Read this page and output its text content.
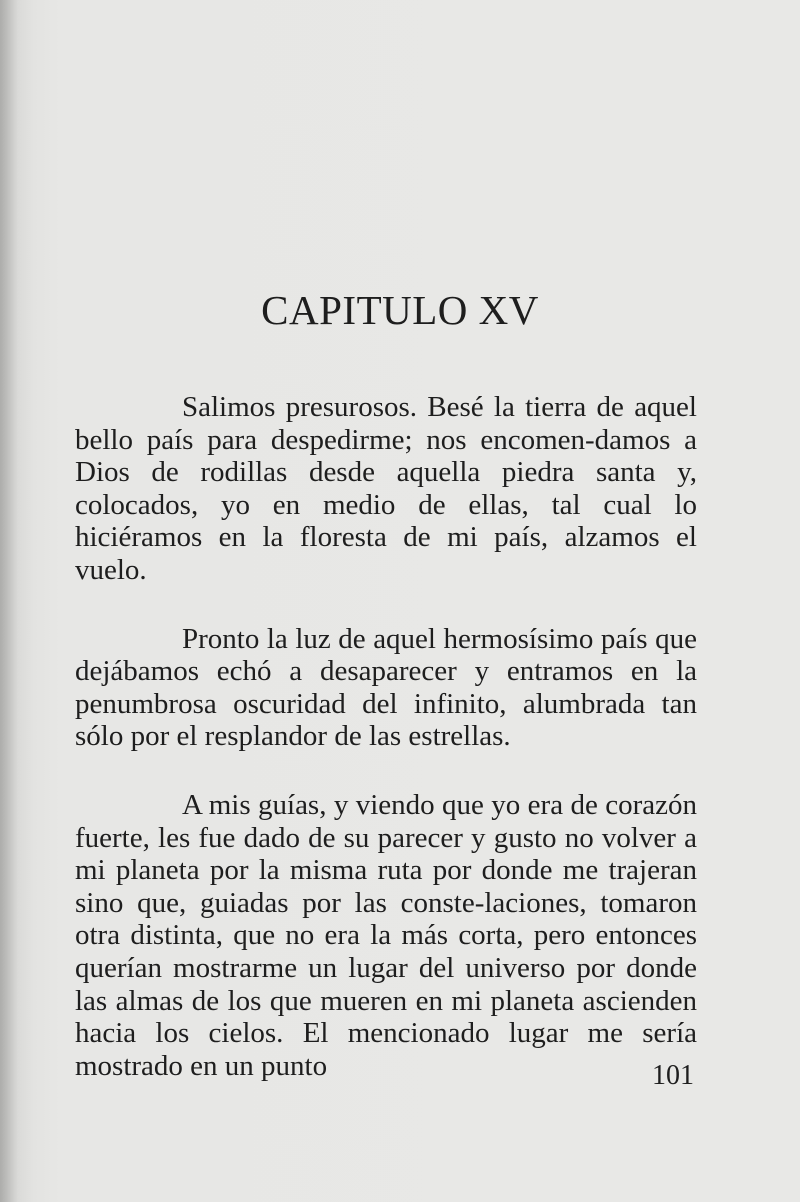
CAPITULO XV

Salimos presurosos. Besé la tierra de aquel bello país para despedirme; nos encomen-damos a Dios de rodillas desde aquella piedra santa y, colocados, yo en medio de ellas, tal cual lo hiciéramos en la floresta de mi país, alzamos el vuelo.

Pronto la luz de aquel hermosísimo país que dejábamos echó a desaparecer y entramos en la penumbrosa oscuridad del infinito, alumbrada tan sólo por el resplandor de las estrellas.

A mis guías, y viendo que yo era de corazón fuerte, les fue dado de su parecer y gusto no volver a mi planeta por la misma ruta por donde me trajeran sino que, guiadas por las conste-laciones, tomaron otra distinta, que no era la más corta, pero entonces querían mostrarme un lugar del universo por donde las almas de los que mueren en mi planeta ascienden hacia los cielos. El mencionado lugar me sería mostrado en un punto	101
